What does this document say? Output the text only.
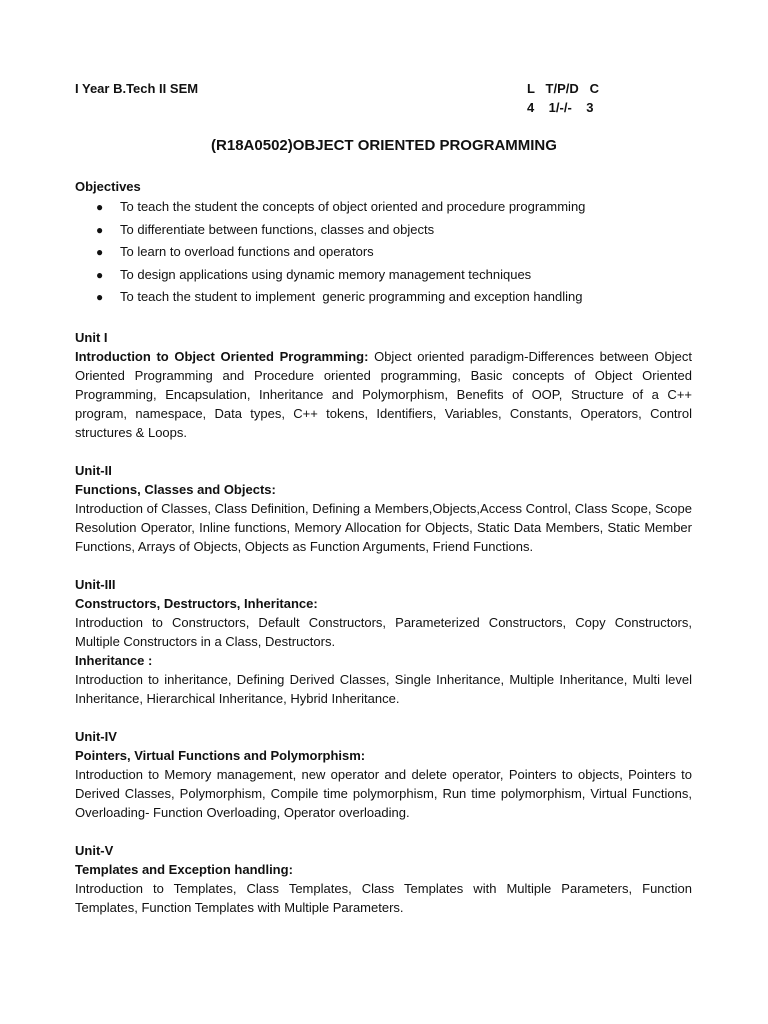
I Year B.Tech II SEM	L   T/P/D   C
4    1/-/-    3
(R18A0502)OBJECT ORIENTED PROGRAMMING
Objectives
● To teach the student the concepts of object oriented and procedure programming
● To differentiate between functions, classes and objects
● To learn to overload functions and operators
● To design applications using dynamic memory management techniques
● To teach the student to implement  generic programming and exception handling
Unit I
Introduction to Object Oriented Programming: Object oriented paradigm-Differences between Object Oriented Programming and Procedure oriented programming, Basic concepts of Object Oriented Programming, Encapsulation, Inheritance and Polymorphism, Benefits of OOP, Structure of a C++ program, namespace, Data types, C++ tokens, Identifiers, Variables, Constants, Operators, Control structures & Loops.
Unit-II
Functions, Classes and Objects:
Introduction of Classes, Class Definition, Defining a Members,Objects,Access Control, Class Scope, Scope Resolution Operator, Inline functions, Memory Allocation for Objects, Static Data Members, Static Member Functions, Arrays of Objects, Objects as Function Arguments, Friend Functions.
Unit-III
Constructors, Destructors, Inheritance:
Introduction to Constructors, Default Constructors, Parameterized Constructors, Copy Constructors, Multiple Constructors in a Class, Destructors.
Inheritance :
Introduction to inheritance, Defining Derived Classes, Single Inheritance, Multiple Inheritance, Multi level Inheritance, Hierarchical Inheritance, Hybrid Inheritance.
Unit-IV
Pointers, Virtual Functions and Polymorphism:
Introduction to Memory management, new operator and delete operator, Pointers to objects, Pointers to Derived Classes, Polymorphism, Compile time polymorphism, Run time polymorphism, Virtual Functions, Overloading- Function Overloading, Operator overloading.
Unit-V
Templates and Exception handling:
Introduction to Templates, Class Templates, Class Templates with Multiple Parameters, Function Templates, Function Templates with Multiple Parameters.
